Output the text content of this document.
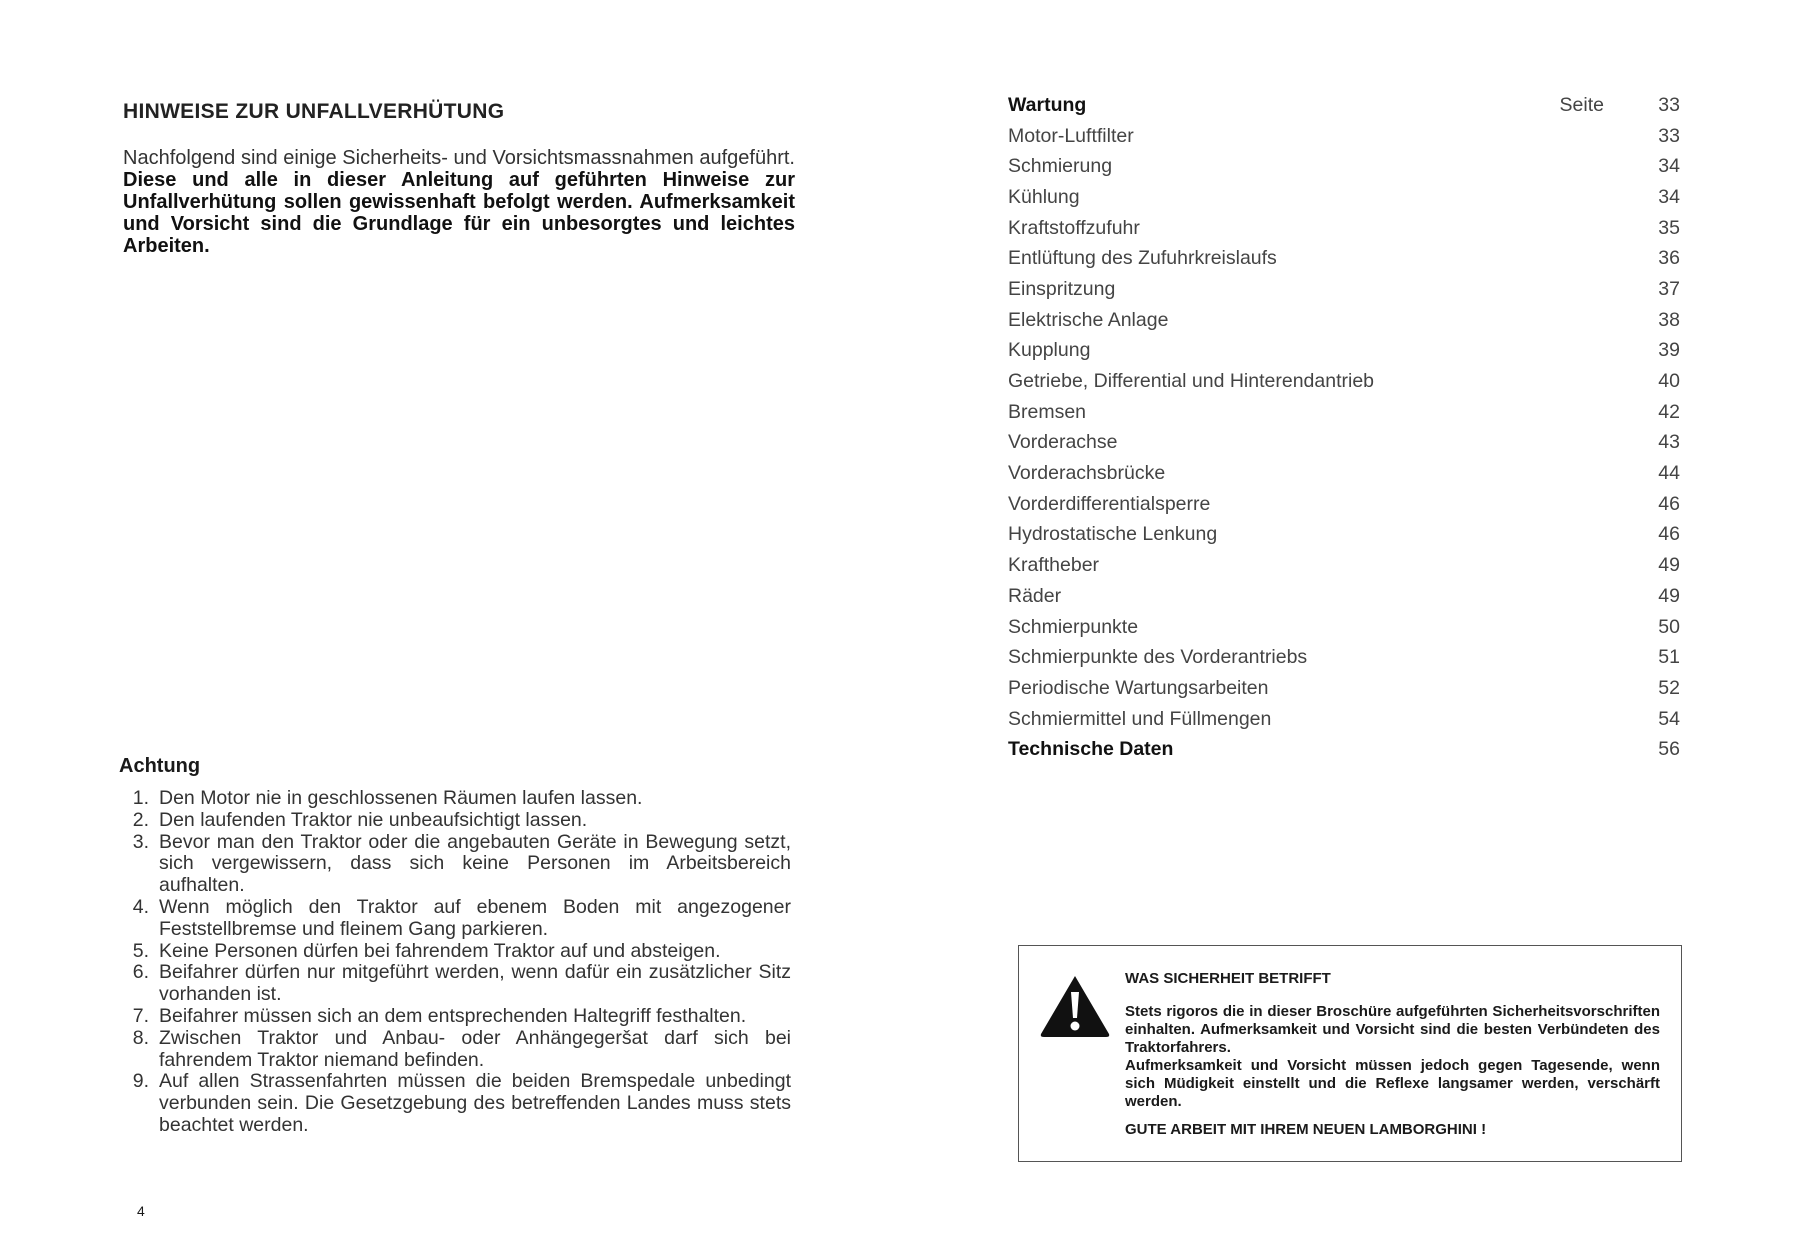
HINWEISE ZUR UNFALLVERHÜTUNG
Nachfolgend sind einige Sicherheits- und Vorsichtsmassnahmen aufgeführt. Diese und alle in dieser Anleitung auf geführten Hinweise zur Unfallverhütung sollen gewissenhaft befolgt werden. Aufmerksamkeit und Vorsicht sind die Grundlage für ein unbesorgtes und leichtes Arbeiten.
Achtung
1. Den Motor nie in geschlossenen Räumen laufen lassen.
2. Den laufenden Traktor nie unbeaufsichtigt lassen.
3. Bevor man den Traktor oder die angebauten Geräte in Bewegung setzt, sich vergewissern, dass sich keine Personen im Arbeitsbereich aufhalten.
4. Wenn möglich den Traktor auf ebenem Boden mit angezogener Feststellbremse und fleinem Gang parkieren.
5. Keine Personen dürfen bei fahrendem Traktor auf und absteigen.
6. Beifahrer dürfen nur mitgeführt werden, wenn dafür ein zusätzlicher Sitz vorhanden ist.
7. Beifahrer müssen sich an dem entsprechenden Haltegriff festhalten.
8. Zwischen Traktor und Anbau- oder Anhängegeršat darf sich bei fahrendem Traktor niemand befinden.
9. Auf allen Strassenfahrten müssen die beiden Bremspedale unbedingt verbunden sein. Die Gesetzgebung des betreffenden Landes muss stets beachtet werden.
4
Wartung	Seite	33
Motor-Luftfilter	33
Schmierung	34
Kühlung	34
Kraftstoffzufuhr	35
Entlüftung des Zufuhrkreislaufs	36
Einspritzung	37
Elektrische Anlage	38
Kupplung	39
Getriebe, Differential und Hinterendantrieb	40
Bremsen	42
Vorderachse	43
Vorderachsbrücke	44
Vorderdifferentialsperre	46
Hydrostatische Lenkung	46
Kraftheber	49
Räder	49
Schmierpunkte	50
Schmierpunkte des Vorderantriebs	51
Periodische Wartungsarbeiten	52
Schmiermittel und Füllmengen	54
Technische Daten	56
WAS SICHERHEIT BETRIFFT
Stets rigoros die in dieser Broschüre aufgeführten Sicherheitsvorschriften einhalten. Aufmerksamkeit und Vorsicht sind die besten Verbündeten des Traktorfahrers.
Aufmerksamkeit und Vorsicht müssen jedoch gegen Tagesende, wenn sich Müdigkeit einstellt und die Reflexe langsamer werden, verschärft werden.
GUTE ARBEIT MIT IHREM NEUEN LAMBORGHINI !
